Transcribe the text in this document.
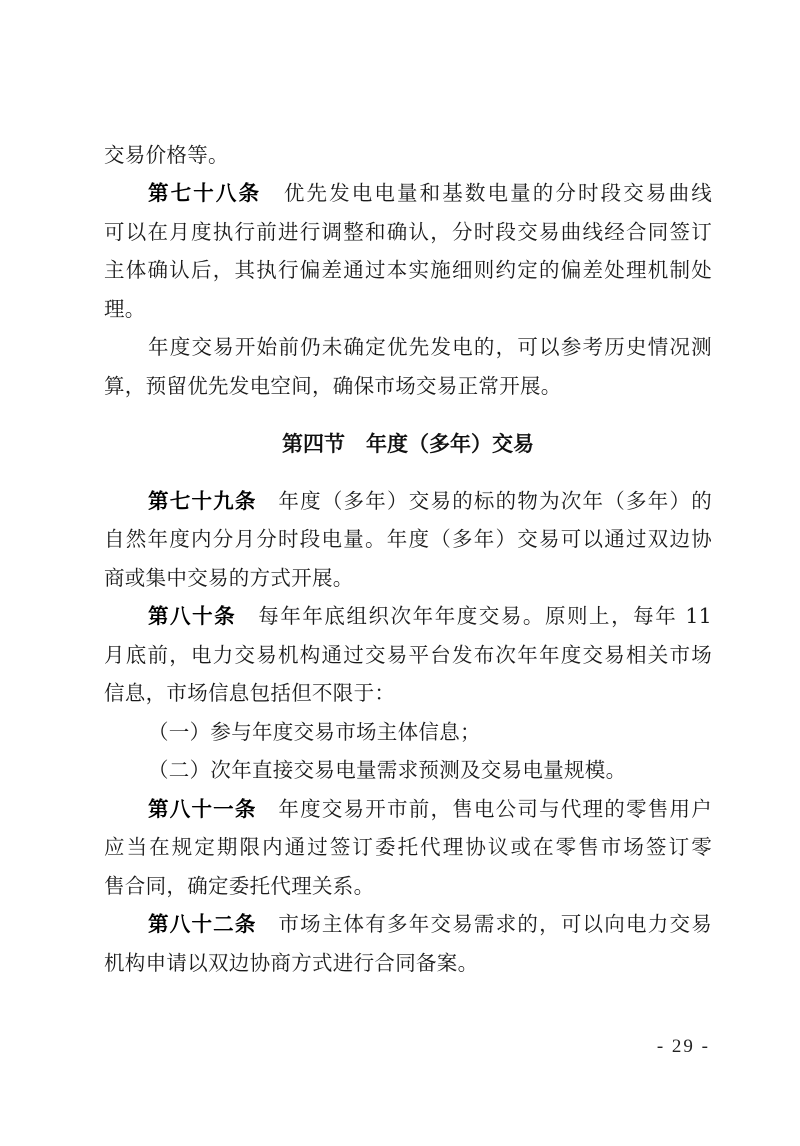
交易价格等。
第七十八条　 优先发电电量和基数电量的分时段交易曲线
可以在月度执行前进行调整和确认，分时段交易曲线经合同签订
主体确认后，其执行偏差通过本实施细则约定的偏差处理机制处
理。
年度交易开始前仍未确定优先发电的，可以参考历史情况测
算，预留优先发电空间，确保市场交易正常开展。
第四节　年度（多年）交易
第七十九条　 年度（多年）交易的标的物为次年（多年）的
自然年度内分月分时段电量。年度（多年）交易可以通过双边协
商或集中交易的方式开展。
第八十条　 每年年底组织次年年度交易。原则上，每年 11
月底前，电力交易机构通过交易平台发布次年年度交易相关市场
信息，市场信息包括但不限于：
（一）参与年度交易市场主体信息；
（二）次年直接交易电量需求预测及交易电量规模。
第八十一条　 年度交易开市前，售电公司与代理的零售用户
应当在规定期限内通过签订委托代理协议或在零售市场签订零
售合同，确定委托代理关系。
第八十二条　 市场主体有多年交易需求的，可以向电力交易
机构申请以双边协商方式进行合同备案。
- 29 -
